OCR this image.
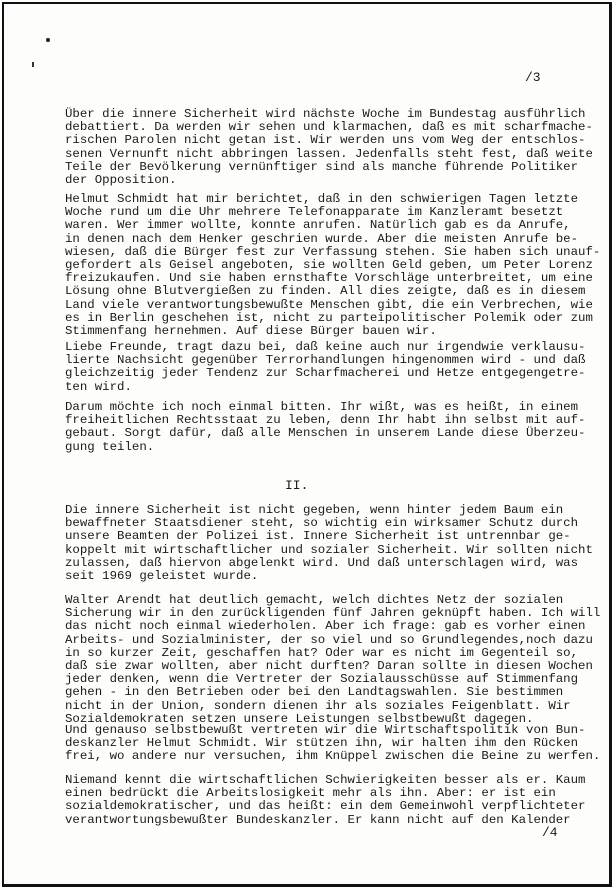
/3
Über die innere Sicherheit wird nächste Woche im Bundestag ausführlich
debattiert. Da werden wir sehen und klarmachen, daß es mit scharfmache-
rischen Parolen nicht getan ist. Wir werden uns vom Weg der entschlos-
senen Vernunft nicht abbringen lassen. Jedenfalls steht fest, daß weite
Teile der Bevölkerung vernünftiger sind als manche führende Politiker
der Opposition.
Helmut Schmidt hat mir berichtet, daß in den schwierigen Tagen letzte
Woche rund um die Uhr mehrere Telefonapparate im Kanzleramt besetzt
waren. Wer immer wollte, konnte anrufen. Natürlich gab es da Anrufe,
in denen nach dem Henker geschrien wurde. Aber die meisten Anrufe be-
wiesen, daß die Bürger fest zur Verfassung stehen. Sie haben sich unauf-
gefordert als Geisel angeboten, sie wollten Geld geben, um Peter Lorenz
freizukaufen. Und sie haben ernsthafte Vorschläge unterbreitet, um eine
Lösung ohne Blutvergießen zu finden. All dies zeigte, daß es in diesem
Land viele verantwortungsbewußte Menschen gibt, die ein Verbrechen, wie
es in Berlin geschehen ist, nicht zu parteipolitischer Polemik oder zum
Stimmenfang hernehmen. Auf diese Bürger bauen wir.
Liebe Freunde, tragt dazu bei, daß keine auch nur irgendwie verklausu-
lierte Nachsicht gegenüber Terrorhandlungen hingenommen wird - und daß
gleichzeitig jeder Tendenz zur Scharfmacherei und Hetze entgegengetre-
ten wird.
Darum möchte ich noch einmal bitten. Ihr wißt, was es heißt, in einem
freiheitlichen Rechtsstaat zu leben, denn Ihr habt ihn selbst mit auf-
gebaut. Sorgt dafür, daß alle Menschen in unserem Lande diese Überzeu-
gung teilen.
II.
Die innere Sicherheit ist nicht gegeben, wenn hinter jedem Baum ein
bewaffneter Staatsdiener steht, so wichtig ein wirksamer Schutz durch
unsere Beamten der Polizei ist. Innere Sicherheit ist untrennbar ge-
koppelt mit wirtschaftlicher und sozialer Sicherheit. Wir sollten nicht
zulassen, daß hiervon abgelenkt wird. Und daß unterschlagen wird, was
seit 1969 geleistet wurde.
Walter Arendt hat deutlich gemacht, welch dichtes Netz der sozialen
Sicherung wir in den zurückligenden fünf Jahren geknüpft haben. Ich will
das nicht noch einmal wiederholen. Aber ich frage: gab es vorher einen
Arbeits- und Sozialminister, der so viel und so Grundlegendes,noch dazu
in so kurzer Zeit, geschaffen hat? Oder war es nicht im Gegenteil so,
daß sie zwar wollten, aber nicht durften? Daran sollte in diesen Wochen
jeder denken, wenn die Vertreter der Sozialausschüsse auf Stimmenfang
gehen - in den Betrieben oder bei den Landtagswahlen. Sie bestimmen
nicht in der Union, sondern dienen ihr als soziales Feigenblatt. Wir
Sozialdemokraten setzen unsere Leistungen selbstbewußt dagegen.
Und genauso selbstbewußt vertreten wir die Wirtschaftspolitik von Bun-
deskanzler Helmut Schmidt. Wir stützen ihn, wir halten ihm den Rücken
frei, wo andere nur versuchen, ihm Knüppel zwischen die Beine zu werfen.
Niemand kennt die wirtschaftlichen Schwierigkeiten besser als er. Kaum
einen bedrückt die Arbeitslosigkeit mehr als ihn. Aber: er ist ein
sozialdemokratischer, und das heißt: ein dem Gemeinwohl verpflichteter
verantwortungsbewußter Bundeskanzler. Er kann nicht auf den Kalender
/4
